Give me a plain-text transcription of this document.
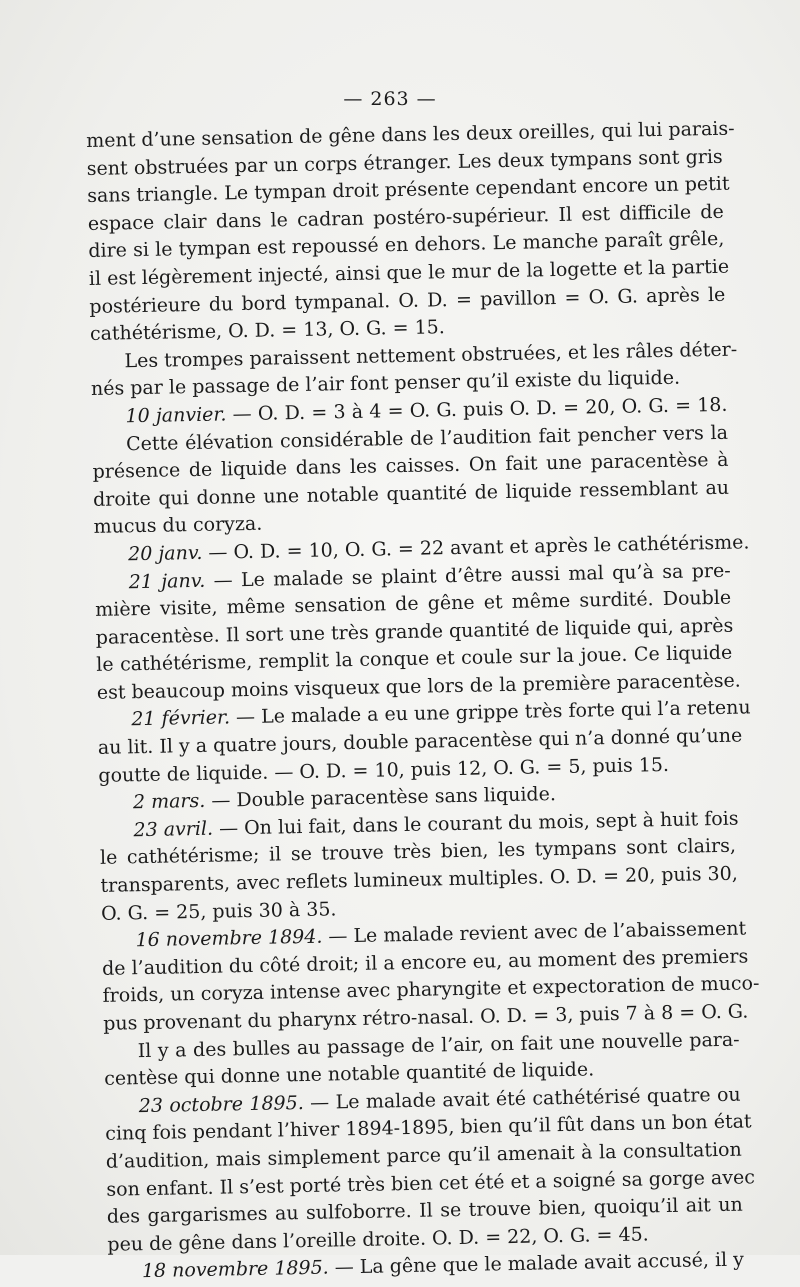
— 263 —
ment d’une sensation de gêne dans les deux oreilles, qui lui parais-
sent obstruées par un corps étranger. Les deux tympans sont gris
sans triangle. Le tympan droit présente cependant encore un petit
espace clair dans le cadran postéro-supérieur. Il est difficile de
dire si le tympan est repoussé en dehors. Le manche paraît grêle,
il est légèrement injecté, ainsi que le mur de la logette et la partie
postérieure du bord tympanal. O. D. = pavillon = O. G. après le
cathétérisme, O. D. = 13, O. G. = 15.
Les trompes paraissent nettement obstruées, et les râles déter-
nés par le passage de l’air font penser qu’il existe du liquide.
10 janvier. — O. D. = 3 à 4 = O. G. puis O. D. = 20, O. G. = 18.
Cette élévation considérable de l’audition fait pencher vers la
présence de liquide dans les caisses. On fait une paracentèse à
droite qui donne une notable quantité de liquide ressemblant au
mucus du coryza.
20 janv. — O. D. = 10, O. G. = 22 avant et après le cathétérisme.
21 janv. — Le malade se plaint d’être aussi mal qu’à sa pre-
mière visite, même sensation de gêne et même surdité. Double
paracentèse. Il sort une très grande quantité de liquide qui, après
le cathétérisme, remplit la conque et coule sur la joue. Ce liquide
est beaucoup moins visqueux que lors de la première paracentèse.
21 février. — Le malade a eu une grippe très forte qui l’a retenu
au lit. Il y a quatre jours, double paracentèse qui n’a donné qu’une
goutte de liquide. — O. D. = 10, puis 12, O. G. = 5, puis 15.
2 mars. — Double paracentèse sans liquide.
23 avril. — On lui fait, dans le courant du mois, sept à huit fois
le cathétérisme; il se trouve très bien, les tympans sont clairs,
transparents, avec reflets lumineux multiples. O. D. = 20, puis 30,
O. G. = 25, puis 30 à 35.
16 novembre 1894. — Le malade revient avec de l’abaissement
de l’audition du côté droit; il a encore eu, au moment des premiers
froids, un coryza intense avec pharyngite et expectoration de muco-
pus provenant du pharynx rétro-nasal. O. D. = 3, puis 7 à 8 = O. G.
Il y a des bulles au passage de l’air, on fait une nouvelle para-
centèse qui donne une notable quantité de liquide.
23 octobre 1895. — Le malade avait été cathétérisé quatre ou
cinq fois pendant l’hiver 1894-1895, bien qu’il fût dans un bon état
d’audition, mais simplement parce qu’il amenait à la consultation
son enfant. Il s’est porté très bien cet été et a soigné sa gorge avec
des gargarismes au sulfoborre. Il se trouve bien, quoiqu’il ait un
peu de gêne dans l’oreille droite. O. D. = 22, O. G. = 45.
18 novembre 1895. — La gêne que le malade avait accusé, il y
